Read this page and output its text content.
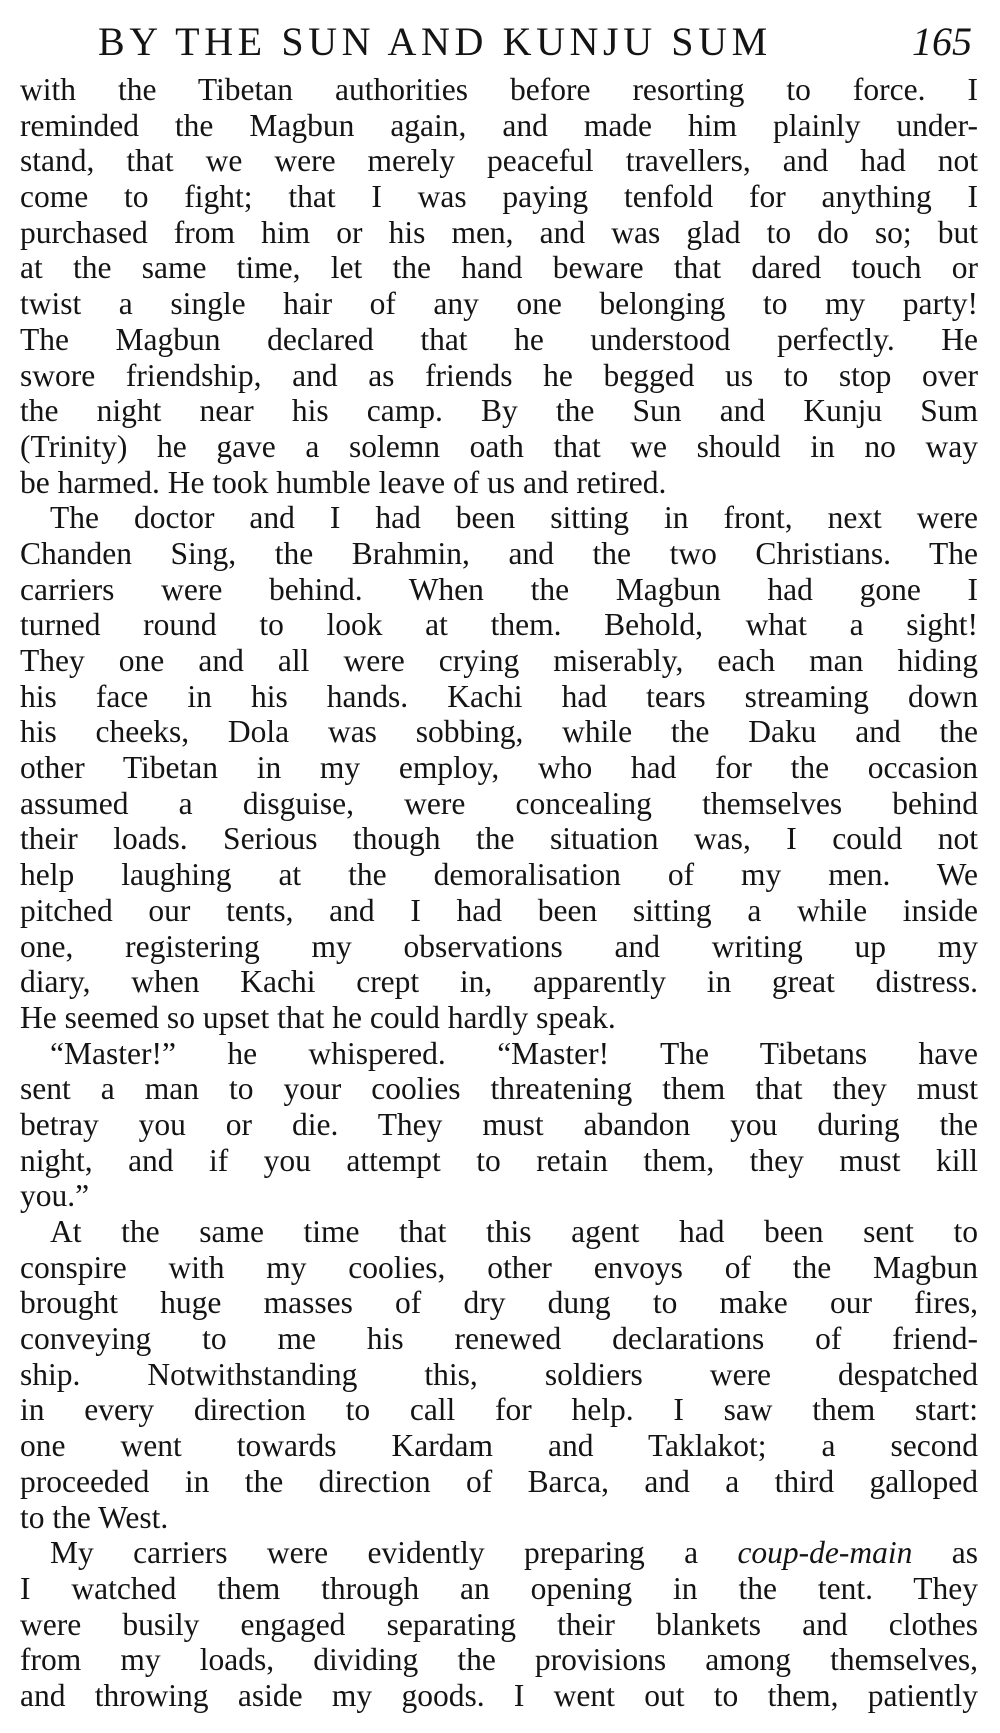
BY THE SUN AND KUNJU SUM	165
with the Tibetan authorities before resorting to force. I
reminded the Magbun again, and made him plainly under-
stand, that we were merely peaceful travellers, and had not
come to fight; that I was paying tenfold for anything I
purchased from him or his men, and was glad to do so; but
at the same time, let the hand beware that dared touch or
twist a single hair of any one belonging to my party!
The Magbun declared that he understood perfectly. He
swore friendship, and as friends he begged us to stop over
the night near his camp. By the Sun and Kunju Sum
(Trinity) he gave a solemn oath that we should in no way
be harmed. He took humble leave of us and retired.
The doctor and I had been sitting in front, next were
Chanden Sing, the Brahmin, and the two Christians. The
carriers were behind. When the Magbun had gone I
turned round to look at them. Behold, what a sight!
They one and all were crying miserably, each man hiding
his face in his hands. Kachi had tears streaming down
his cheeks, Dola was sobbing, while the Daku and the
other Tibetan in my employ, who had for the occasion
assumed a disguise, were concealing themselves behind
their loads. Serious though the situation was, I could not
help laughing at the demoralisation of my men. We
pitched our tents, and I had been sitting a while inside
one, registering my observations and writing up my
diary, when Kachi crept in, apparently in great distress.
He seemed so upset that he could hardly speak.
“Master!” he whispered. “Master! The Tibetans have
sent a man to your coolies threatening them that they must
betray you or die. They must abandon you during the
night, and if you attempt to retain them, they must kill
you.”
At the same time that this agent had been sent to
conspire with my coolies, other envoys of the Magbun
brought huge masses of dry dung to make our fires,
conveying to me his renewed declarations of friend-
ship. Notwithstanding this, soldiers were despatched
in every direction to call for help. I saw them start:
one went towards Kardam and Taklakot; a second
proceeded in the direction of Barca, and a third galloped
to the West.
My carriers were evidently preparing a coup-de-main as
I watched them through an opening in the tent. They
were busily engaged separating their blankets and clothes
from my loads, dividing the provisions among themselves,
and throwing aside my goods. I went out to them, patiently
